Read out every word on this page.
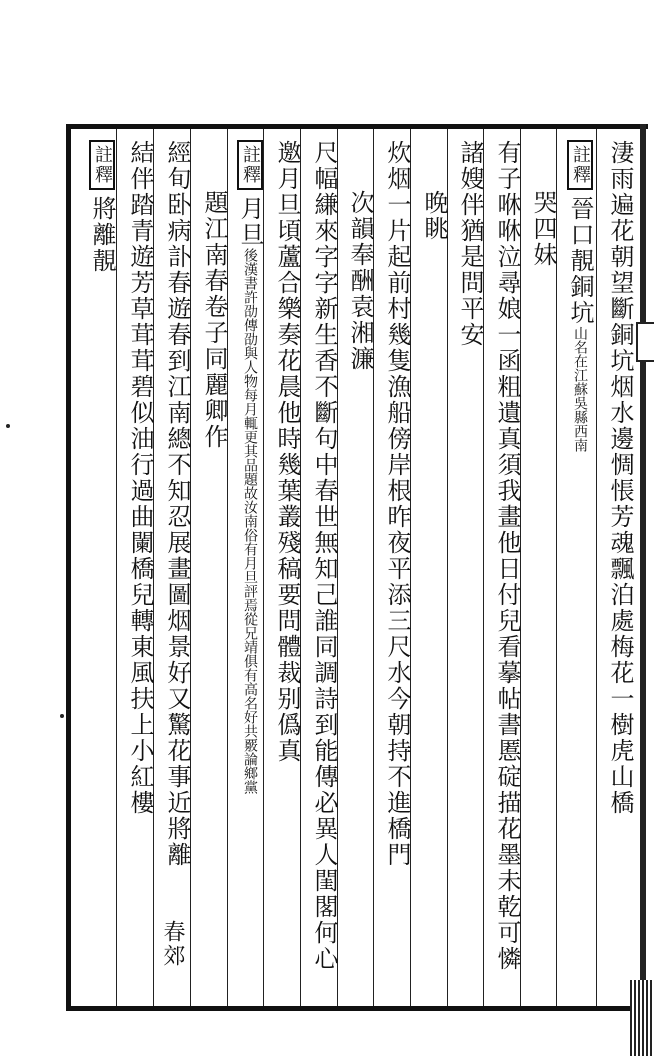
淒雨遍花朝望斷銅坑烟水邊惆悵芳魂飄泊處梅花一樹虎山橋
註釋晉口靚銅坑山名在江蘇吳縣西南
哭四妹
有子咻咻泣尋娘一函粗遺真須我畫他日付兒看摹帖書慝碇描花墨未乾可憐
諸嫂伴猶是問平安
晚眺
炊烟一片起前村幾隻漁船傍岸根昨夜平添三尺水今朝持不進橋門
次韻奉酬袁湘濂
尺幅縑來字字新生香不斷句中春世無知己誰同調詩到能傳必異人閨閣何心
邀月旦頃蘆合樂奏花晨他時幾葉叢殘稿要問體裁别僞真
註釋月旦後漢書許劭傳劭與人物每月輒更其品題故汝南俗有月旦評焉從兄靖俱有高名好共覈論鄉黨
題江南春卷子同麗卿作
經旬卧病訃春遊春到江南總不知忍展畫圖烟景好又驚花事近將離
結伴踏青遊芳草茸茸碧似油行過曲闌橋兒轉東風扶上小紅樓
註釋將離靚
春郊
